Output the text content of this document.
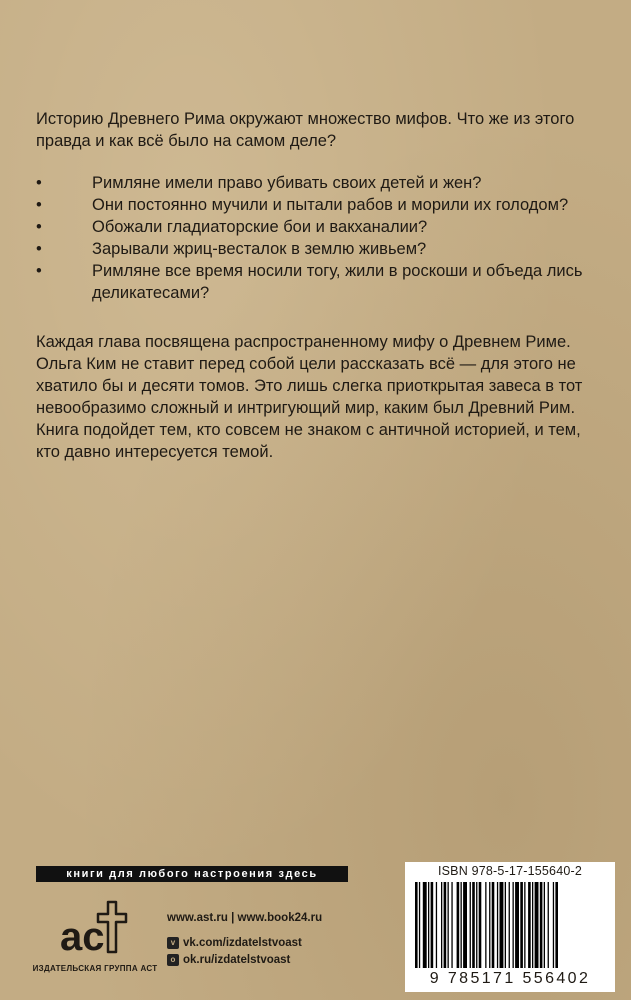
Историю Древнего Рима окружают множество мифов. Что же из этого правда и как всё было на самом деле?

•	Римляне имели право убивать своих детей и жен?
•	Они постоянно мучили и пытали рабов и морили их голодом?
•	Обожали гладиаторские бои и вакханалии?
•	Зарывали жриц-весталок в землю живьем?
•	Римляне все время носили тогу, жили в роскоши и объеда лись деликатесами?

Каждая глава посвящена распространенному мифу о Древнем Риме. Ольга Ким не ставит перед собой цели рассказать всё — для этого не хватило бы и десяти томов. Это лишь слегка приоткрытая завеса в тот невообразимо сложный и интригующий мир, каким был Древний Рим.

Книга подойдет тем, кто совсем не знаком с античной историей, и тем, кто давно интересуется темой.

книги для любого настроения здесь
ac
ИЗДАТЕЛЬСКАЯ ГРУППА АСТ
www.ast.ru | www.book24.ru
v vk.com/izdatelstvoast
o ok.ru/izdatelstvoast
ISBN 978-5-17-155640-2
9 785171 556402
